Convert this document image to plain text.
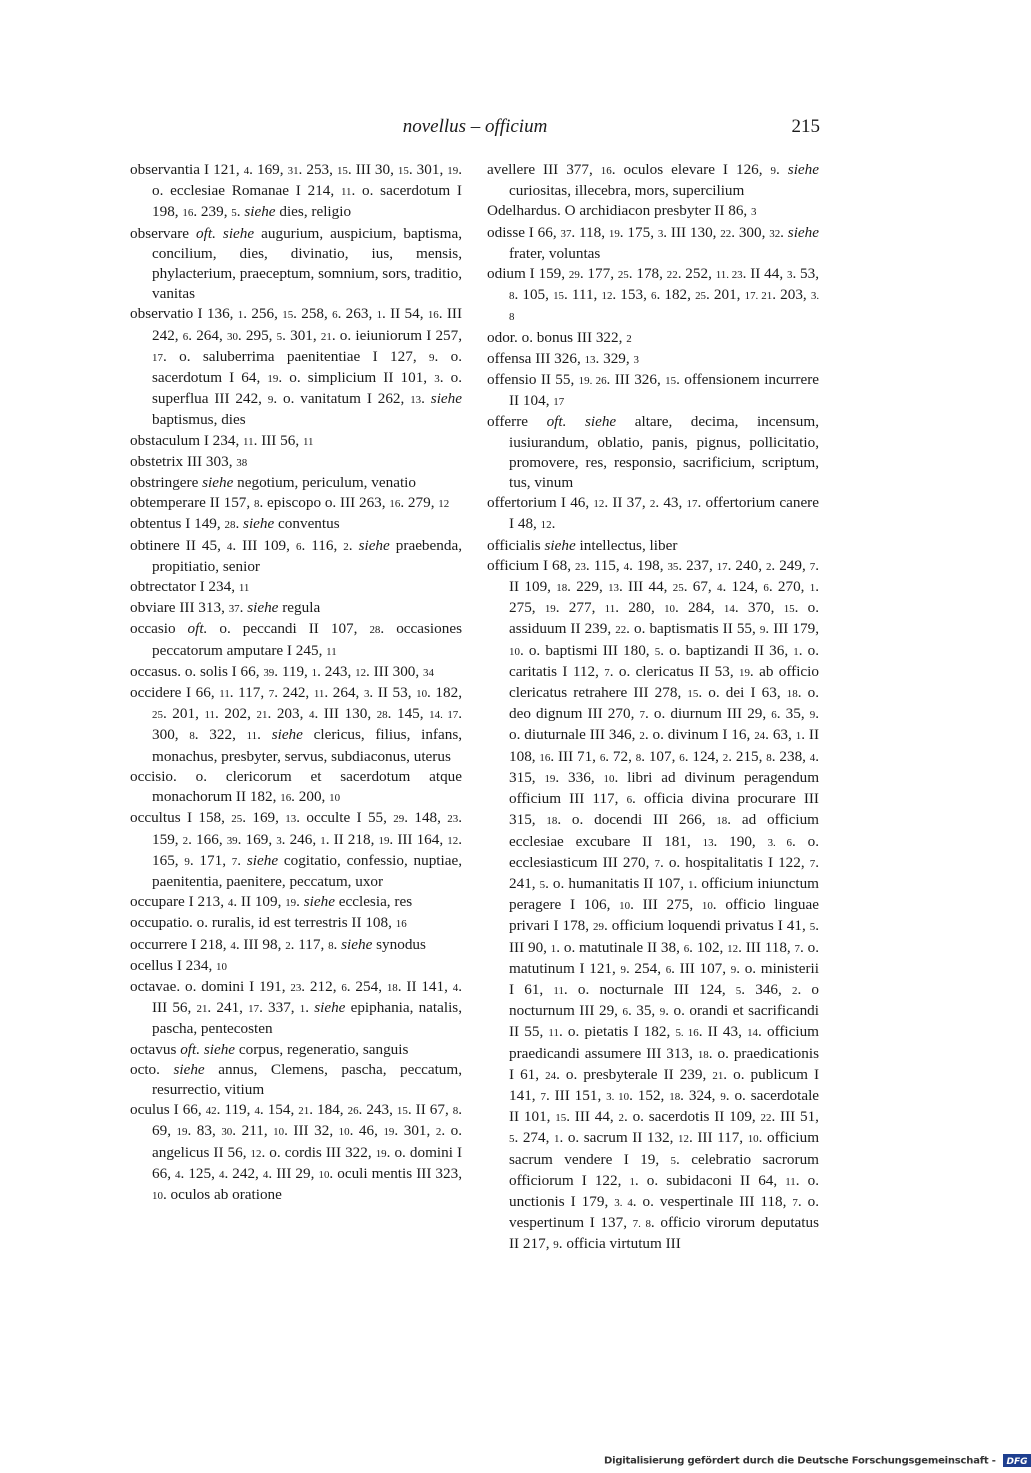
novellus – officium	215

observantia I 121, 4. 169, 31. 253, 15. III 30, 15. 301, 19. o. ecclesiae Romanae I 214, 11. o. sacerdotum I 198, 16. 239, 5. siehe dies, religio

observare oft. siehe augurium, auspicium, baptisma, concilium, dies, divinatio, ius, mensis, phylacterium, praeceptum, somnium, sors, traditio, vanitas

observatio I 136, 1. 256, 15. 258, 6. 263, 1. II 54, 16. III 242, 6. 264, 30. 295, 5. 301, 21. o. ieiuniorum I 257, 17. o. saluberrima paenitentiae I 127, 9. o. sacerdotum I 64, 19. o. simplicium II 101, 3. o. superflua III 242, 9. o. vanitatum I 262, 13. siehe baptismus, dies

obstaculum I 234, 11. III 56, 11

obstetrix III 303, 38

obstringere siehe negotium, periculum, venatio

obtemperare II 157, 8. episcopo o. III 263, 16. 279, 12

obtentus I 149, 28. siehe conventus

obtinere II 45, 4. III 109, 6. 116, 2. siehe praebenda, propitiatio, senior

obtrectator I 234, 11

obviare III 313, 37. siehe regula

occasio oft. o. peccandi II 107, 28. occasiones peccatorum amputare I 245, 11

occasus. o. solis I 66, 39. 119, 1. 243, 12. III 300, 34

occidere I 66, 11. 117, 7. 242, 11. 264, 3. II 53, 10. 182, 25. 201, 11. 202, 21. 203, 4. III 130, 28. 145, 14. 17. 300, 8. 322, 11. siehe clericus, filius, infans, monachus, presbyter, servus, subdiaconus, uterus

occisio. o. clericorum et sacerdotum atque monachorum II 182, 16. 200, 10

occultus I 158, 25. 169, 13. occulte I 55, 29. 148, 23. 159, 2. 166, 39. 169, 3. 246, 1. II 218, 19. III 164, 12. 165, 9. 171, 7. siehe cogitatio, confessio, nuptiae, paenitentia, paenitere, peccatum, uxor

occupare I 213, 4. II 109, 19. siehe ecclesia, res

occupatio. o. ruralis, id est terrestris II 108, 16

occurrere I 218, 4. III 98, 2. 117, 8. siehe synodus

ocellus I 234, 10

octavae. o. domini I 191, 23. 212, 6. 254, 18. II 141, 4. III 56, 21. 241, 17. 337, 1. siehe epiphania, natalis, pascha, pentecosten

octavus oft. siehe corpus, regeneratio, sanguis

octo. siehe annus, Clemens, pascha, peccatum, resurrectio, vitium

oculus I 66, 42. 119, 4. 154, 21. 184, 26. 243, 15. II 67, 8. 69, 19. 83, 30. 211, 10. III 32, 10. 46, 19. 301, 2. o. angelicus II 56, 12. o. cordis III 322, 19. o. domini I 66, 4. 125, 4. 242, 4. III 29, 10. oculi mentis III 323, 10. oculos ab oratione

avellere III 377, 16. oculos elevare I 126, 9. siehe curiositas, illecebra, mors, supercilium

Odelhardus. O archidiacon presbyter II 86, 3

odisse I 66, 37. 118, 19. 175, 3. III 130, 22. 300, 32. siehe frater, voluntas

odium I 159, 29. 177, 25. 178, 22. 252, 11. 23. II 44, 3. 53, 8. 105, 15. 111, 12. 153, 6. 182, 25. 201, 17. 21. 203, 3. 8

odor. o. bonus III 322, 2

offensa III 326, 13. 329, 3

offensio II 55, 19. 26. III 326, 15. offensionem incurrere II 104, 17

offerre oft. siehe altare, decima, incensum, iusiurandum, oblatio, panis, pignus, pollicitatio, promovere, res, responsio, sacrificium, scriptum, tus, vinum

offertorium I 46, 12. II 37, 2. 43, 17. offertorium canere I 48, 12.

officialis siehe intellectus, liber

officium I 68, 23. 115, 4. 198, 35. 237, 17. 240, 2. 249, 7. II 109, 18. 229, 13. III 44, 25. 67, 4. 124, 6. 270, 1. 275, 19. 277, 11. 280, 10. 284, 14. 370, 15. o. assiduum II 239, 22. o. baptismatis II 55, 9. III 179, 10. o. baptismi III 180, 5. o. baptizandi II 36, 1. o. caritatis I 112, 7. o. clericatus II 53, 19. ab officio clericatus retrahere III 278, 15. o. dei I 63, 18. o. deo dignum III 270, 7. o. diurnum III 29, 6. 35, 9. o. diuturnale III 346, 2. o. divinum I 16, 24. 63, 1. II 108, 16. III 71, 6. 72, 8. 107, 6. 124, 2. 215, 8. 238, 4. 315, 19. 336, 10. libri ad divinum peragendum officium III 117, 6. officia divina procurare III 315, 18. o. docendi III 266, 18. ad officium ecclesiae excubare II 181, 13. 190, 3. 6. o. ecclesiasticum III 270, 7. o. hospitalitatis I 122, 7. 241, 5. o. humanitatis II 107, 1. officium iniunctum peragere I 106, 10. III 275, 10. officio linguae privari I 178, 29. officium loquendi privatus I 41, 5. III 90, 1. o. matutinale II 38, 6. 102, 12. III 118, 7. o. matutinum I 121, 9. 254, 6. III 107, 9. o. ministerii I 61, 11. o. nocturnale III 124, 5. 346, 2. o nocturnum III 29, 6. 35, 9. o. orandi et sacrificandi II 55, 11. o. pietatis I 182, 5. 16. II 43, 14. officium praedicandi assumere III 313, 18. o. praedicationis I 61, 24. o. presbyterale II 239, 21. o. publicum I 141, 7. III 151, 3. 10. 152, 18. 324, 9. o. sacerdotale II 101, 15. III 44, 2. o. sacerdotis II 109, 22. III 51, 5. 274, 1. o. sacrum II 132, 12. III 117, 10. officium sacrum vendere I 19, 5. celebratio sacrorum officiorum I 122, 1. o. subidaconi II 64, 11. o. unctionis I 179, 3. 4. o. vespertinale III 118, 7. o. vespertinum I 137, 7. 8. officio virorum deputatus II 217, 9. officia virtutum III

Digitalisierung gefördert durch die Deutsche Forschungsgemeinschaft - DFG
